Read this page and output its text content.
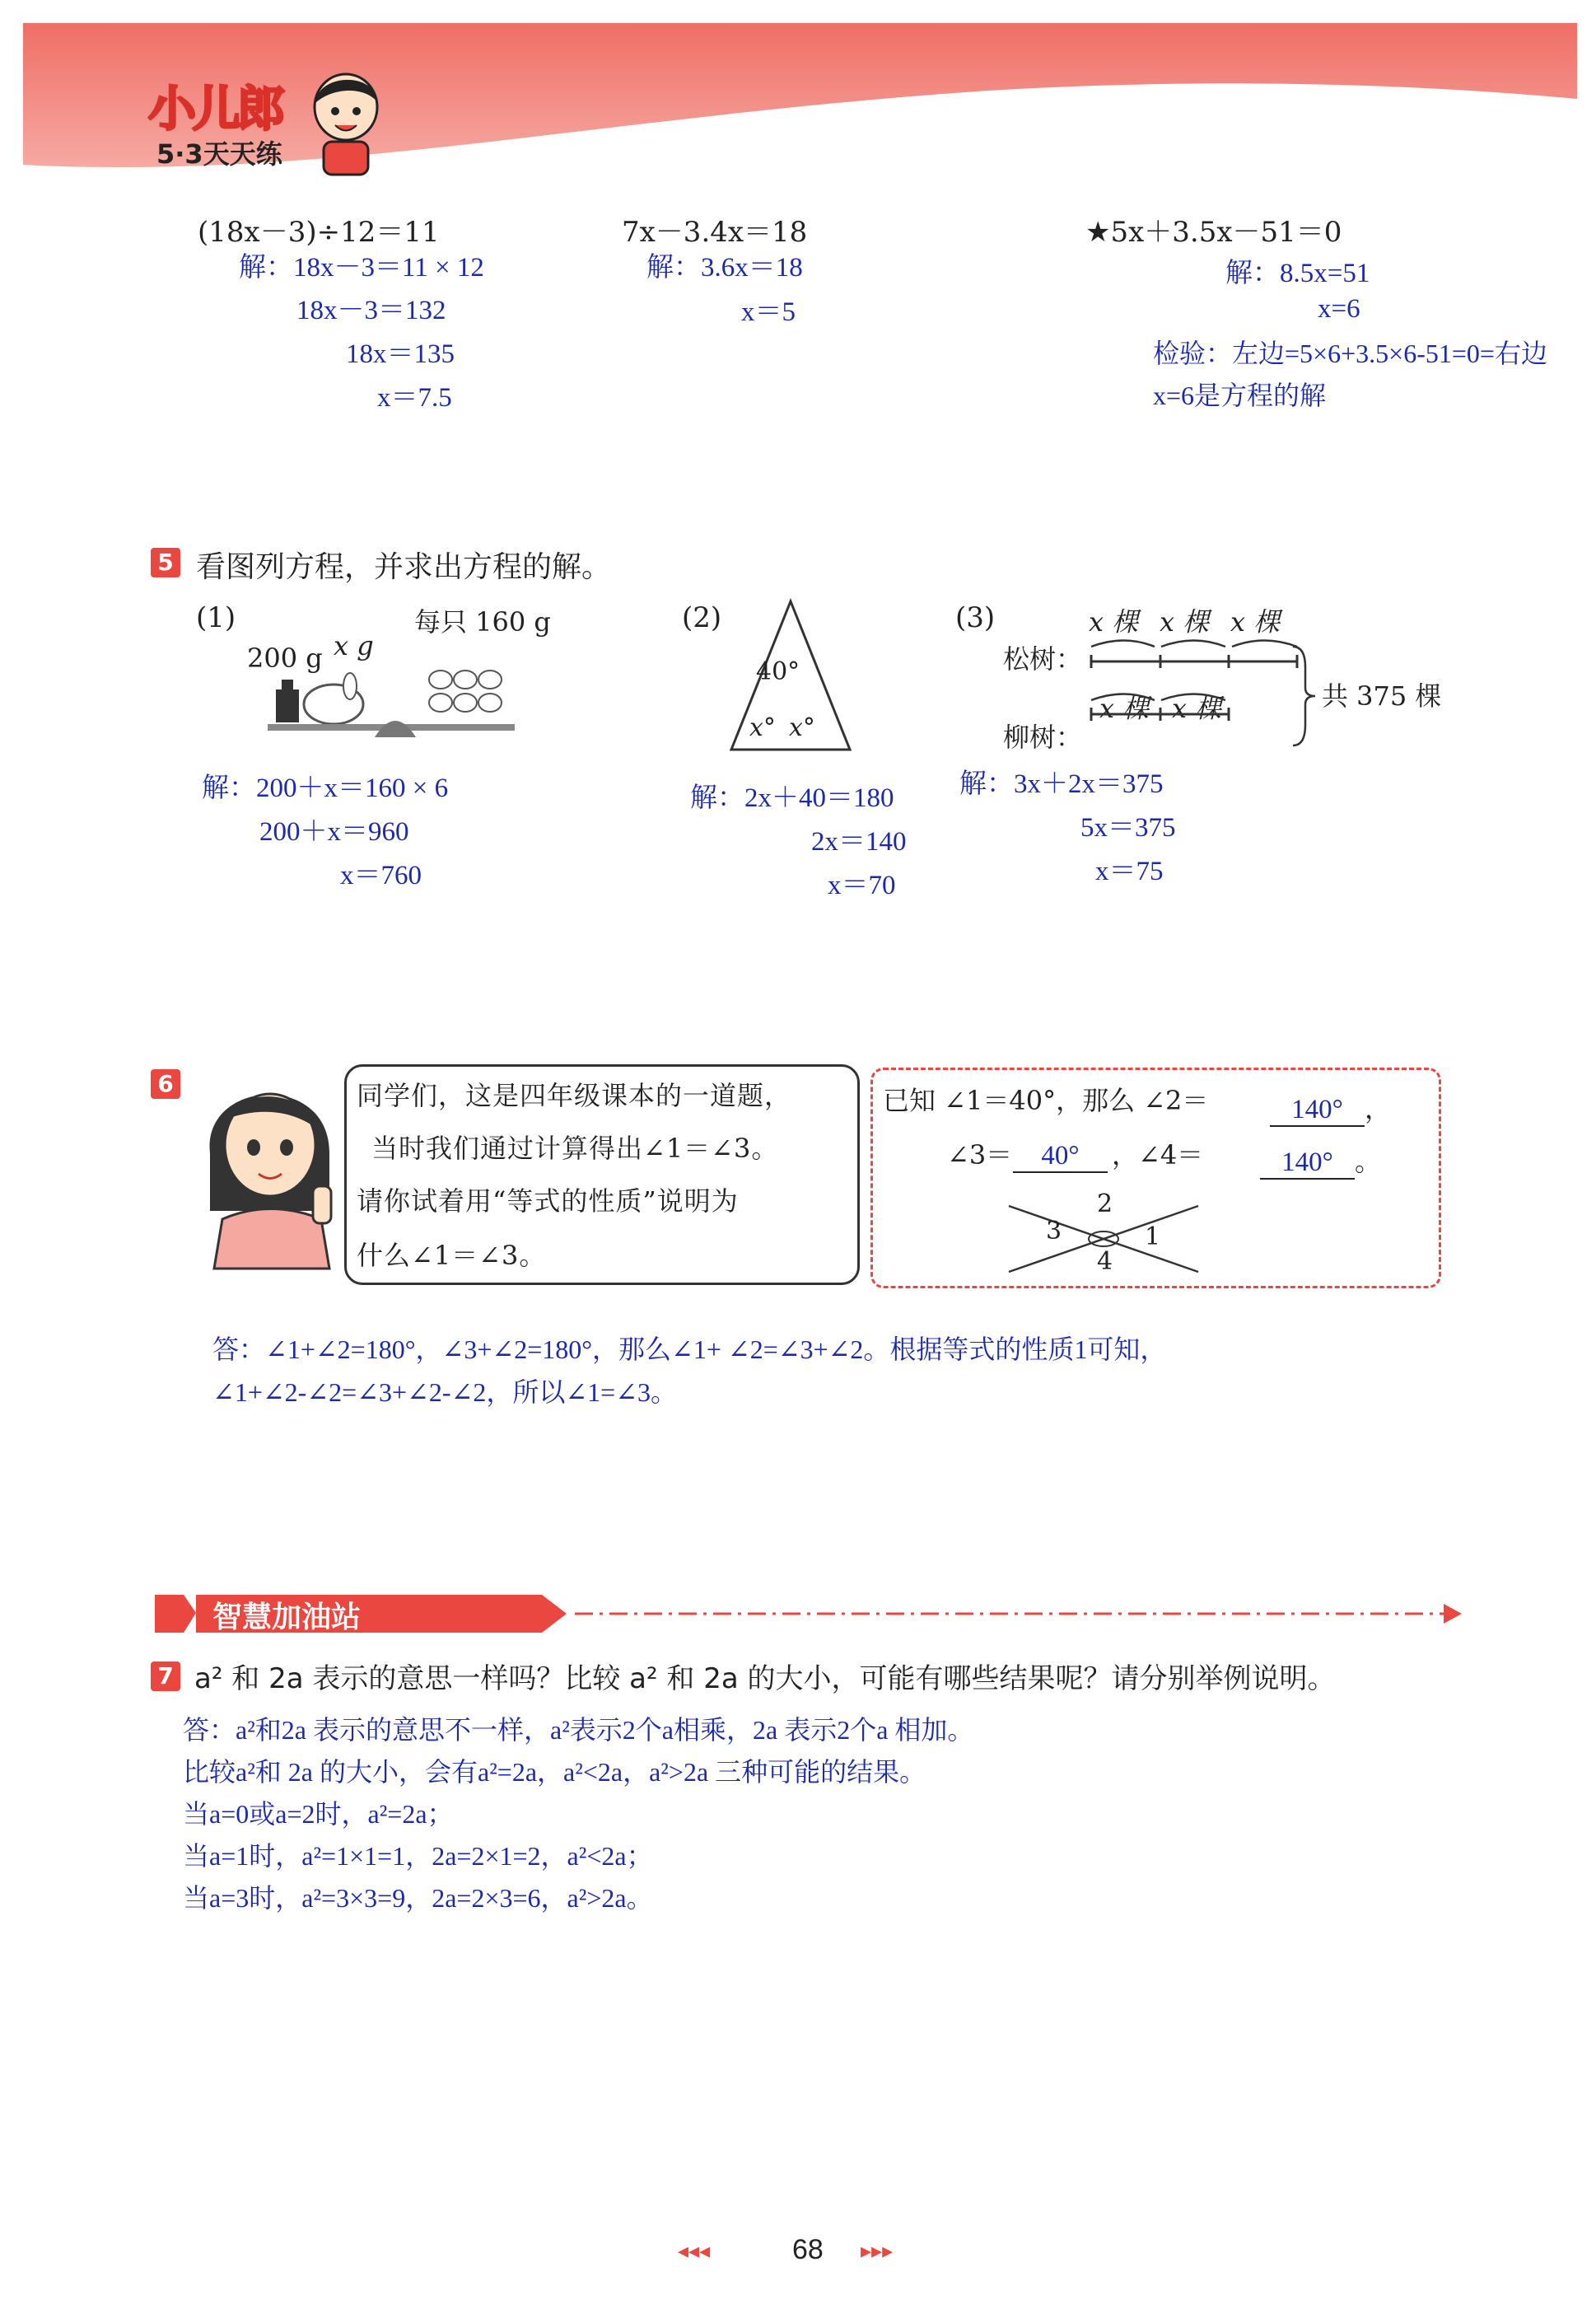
小儿郎
5·3天天练
(18x－3)÷12＝11
解：18x－3＝11 × 12
18x－3＝132
18x＝135
x＝7.5
7x－3.4x＝18
解：3.6x＝18
x＝5
★5x＋3.5x－51＝0
解：8.5x=51
x=6
检验：左边=5×6+3.5×6-51=0=右边
x=6是方程的解
5 看图列方程，并求出方程的解。
(1)	每只 160 g
200 g x g
解：200＋x＝160 × 6
200＋x＝960
x＝760
(2)
40°
x° x°
解：2x＋40＝180
2x＝140
x＝70
(3)	x 棵 x 棵 x 棵
松树：
x 棵 x 棵
柳树：
共 375 棵
解：3x＋2x＝375
5x＝375
x＝75
6	同学们，这是四年级课本的一道题，
当时我们通过计算得出∠1＝∠3。
请你试着用“等式的性质”说明为
什么∠1＝∠3。
已知 ∠1＝40°，那么 ∠2＝	140° ，
∠3＝	40°	，∠4＝	140° 。
2
3	1
4
答：∠1+∠2=180°，∠3+∠2=180°，那么∠1+ ∠2=∠3+∠2。根据等式的性质1可知，
∠1+∠2-∠2=∠3+∠2-∠2，所以∠1=∠3。
智慧加油站
7 a² 和 2a 表示的意思一样吗？比较 a² 和 2a 的大小，可能有哪些结果呢？请分别举例说明。
答：a²和2a 表示的意思不一样，a²表示2个a相乘，2a 表示2个a 相加。
比较a²和 2a 的大小，会有a²=2a，a²<2a，a²>2a 三种可能的结果。
当a=0或a=2时，a²=2a；
当a=1时，a²=1×1=1，2a=2×1=2，a²<2a；
当a=3时，a²=3×3=9，2a=2×3=6，a²>2a。
◂◂◂	68 ▸▸▸
